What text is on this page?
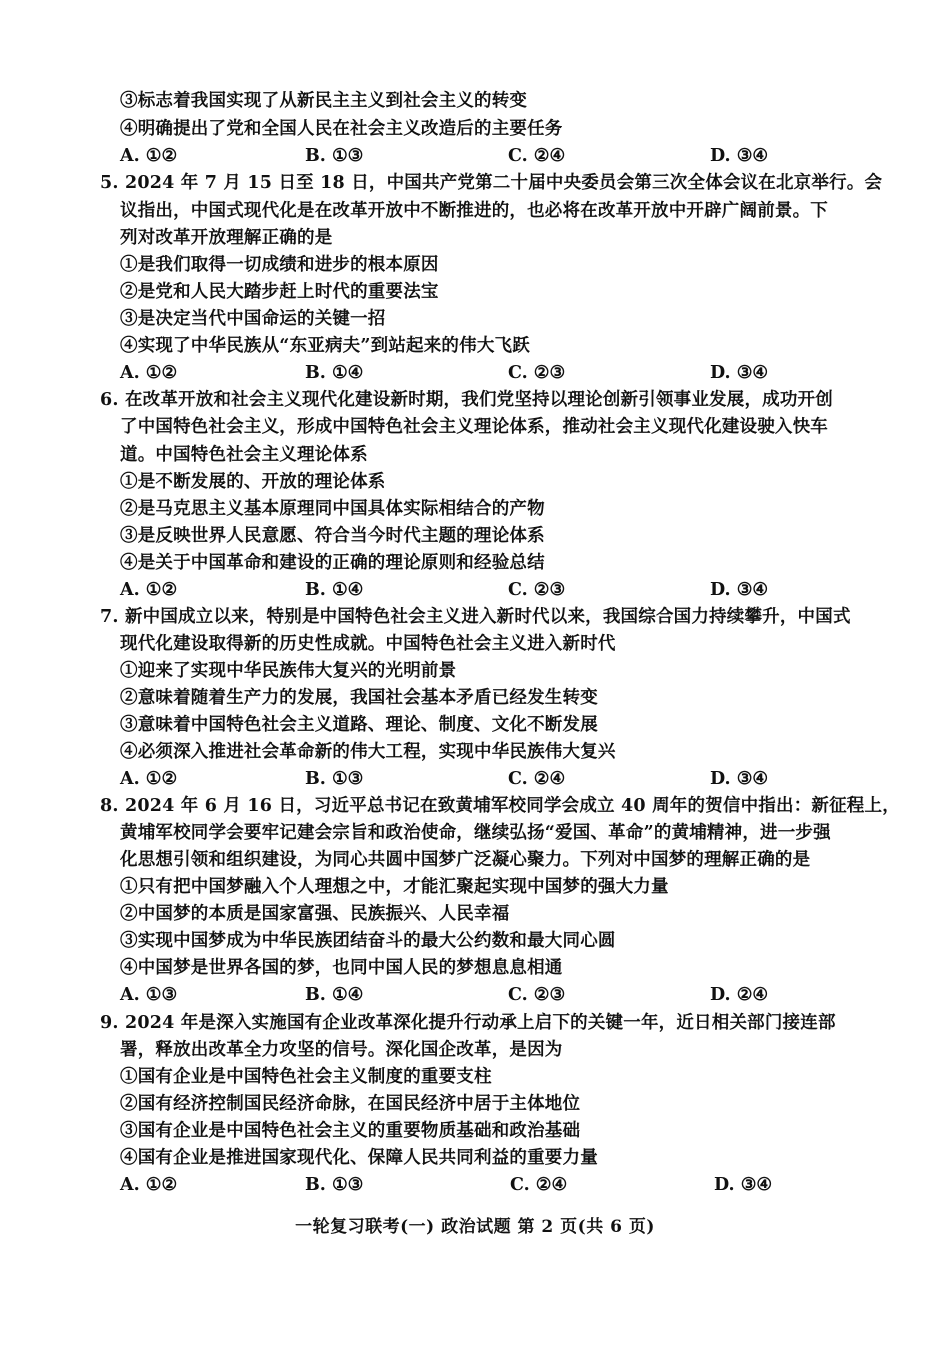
③标志着我国实现了从新民主主义到社会主义的转变
④明确提出了党和全国人民在社会主义改造后的主要任务
A. ①②	B. ①③	C. ②④	D. ③④
5. 2024 年 7 月 15 日至 18 日，中国共产党第二十届中央委员会第三次全体会议在北京举行。会
议指出，中国式现代化是在改革开放中不断推进的，也必将在改革开放中开辟广阔前景。下
列对改革开放理解正确的是
①是我们取得一切成绩和进步的根本原因
②是党和人民大踏步赶上时代的重要法宝
③是决定当代中国命运的关键一招
④实现了中华民族从“东亚病夫”到站起来的伟大飞跃
A. ①②	B. ①④	C. ②③	D. ③④
6. 在改革开放和社会主义现代化建设新时期，我们党坚持以理论创新引领事业发展，成功开创
了中国特色社会主义，形成中国特色社会主义理论体系，推动社会主义现代化建设驶入快车
道。中国特色社会主义理论体系
①是不断发展的、开放的理论体系
②是马克思主义基本原理同中国具体实际相结合的产物
③是反映世界人民意愿、符合当今时代主题的理论体系
④是关于中国革命和建设的正确的理论原则和经验总结
A. ①②	B. ①④	C. ②③	D. ③④
7. 新中国成立以来，特别是中国特色社会主义进入新时代以来，我国综合国力持续攀升，中国式
现代化建设取得新的历史性成就。中国特色社会主义进入新时代
①迎来了实现中华民族伟大复兴的光明前景
②意味着随着生产力的发展，我国社会基本矛盾已经发生转变
③意味着中国特色社会主义道路、理论、制度、文化不断发展
④必须深入推进社会革命新的伟大工程，实现中华民族伟大复兴
A. ①②	B. ①③	C. ②④	D. ③④
8. 2024 年 6 月 16 日，习近平总书记在致黄埔军校同学会成立 40 周年的贺信中指出：新征程上，
黄埔军校同学会要牢记建会宗旨和政治使命，继续弘扬“爱国、革命”的黄埔精神，进一步强
化思想引领和组织建设，为同心共圆中国梦广泛凝心聚力。下列对中国梦的理解正确的是
①只有把中国梦融入个人理想之中，才能汇聚起实现中国梦的强大力量
②中国梦的本质是国家富强、民族振兴、人民幸福
③实现中国梦成为中华民族团结奋斗的最大公约数和最大同心圆
④中国梦是世界各国的梦，也同中国人民的梦想息息相通
A. ①③	B. ①④	C. ②③	D. ②④
9. 2024 年是深入实施国有企业改革深化提升行动承上启下的关键一年，近日相关部门接连部
署，释放出改革全力攻坚的信号。深化国企改革，是因为
①国有企业是中国特色社会主义制度的重要支柱
②国有经济控制国民经济命脉，在国民经济中居于主体地位
③国有企业是中国特色社会主义的重要物质基础和政治基础
④国有企业是推进国家现代化、保障人民共同利益的重要力量
A. ①②	B. ①③	C. ②④	D. ③④
一轮复习联考(一) 政治试题 第 2 页(共 6 页)
